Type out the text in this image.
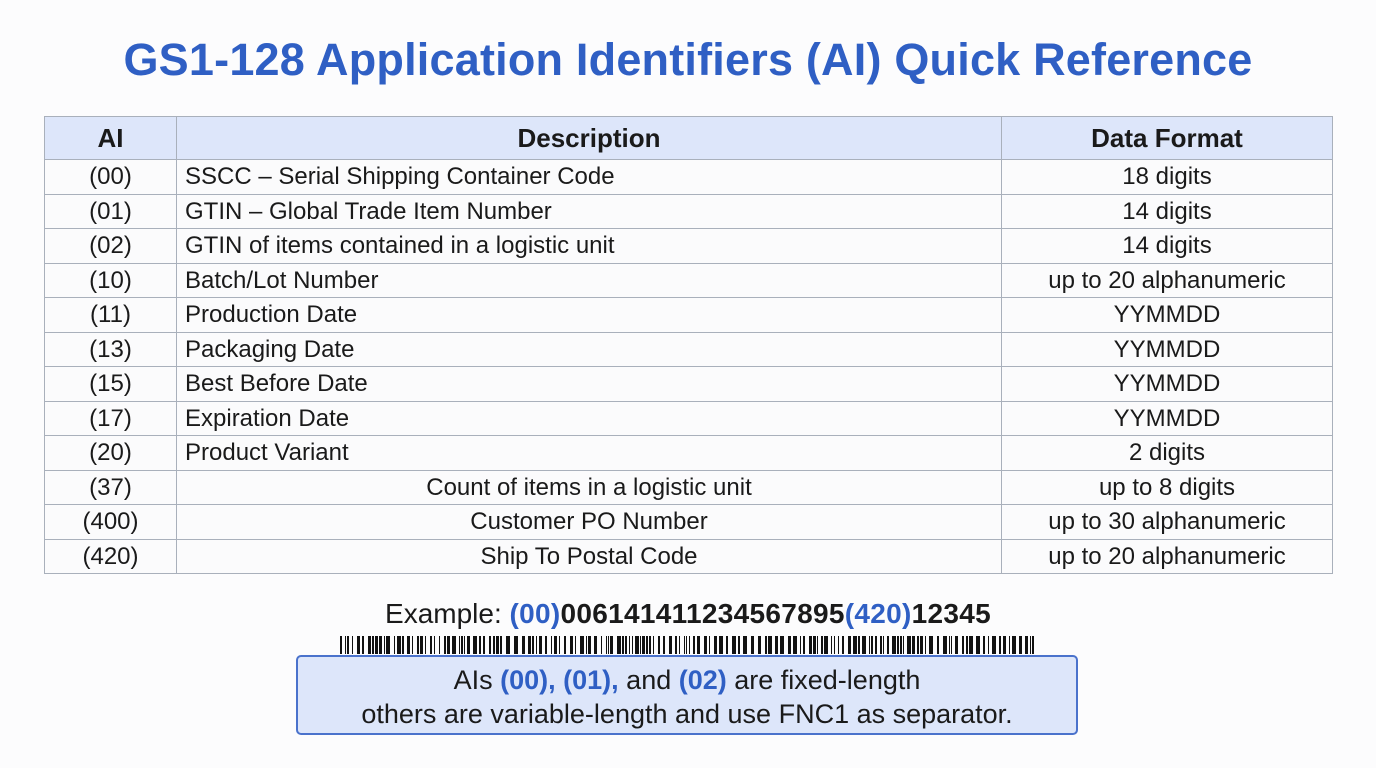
GS1-128 Application Identifiers (AI) Quick Reference
AI	Description	Data Format
(00)	SSCC – Serial Shipping Container Code	18 digits
(01)	GTIN – Global Trade Item Number	14 digits
(02)	GTIN of items contained in a logistic unit	14 digits
(10)	Batch/Lot Number	up to 20 alphanumeric
(11)	Production Date	YYMMDD
(13)	Packaging Date	YYMMDD
(15)	Best Before Date	YYMMDD
(17)	Expiration Date	YYMMDD
(20)	Product Variant	2 digits
(37)	Count of items in a logistic unit	up to 8 digits
(400)	Customer PO Number	up to 30 alphanumeric
(420)	Ship To Postal Code	up to 20 alphanumeric
Example: (00)006141411234567895(420)12345
AIs (00), (01), and (02) are fixed-length
others are variable-length and use FNC1 as separator.
